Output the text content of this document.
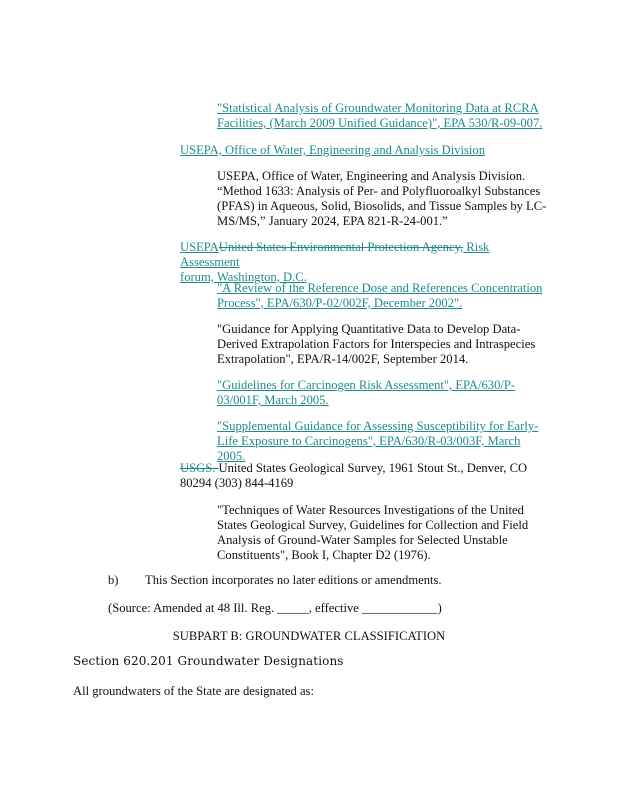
"Statistical Analysis of Groundwater Monitoring Data at RCRA
Facilities, (March 2009 Unified Guidance)", EPA 530/R-09-007.
USEPA, Office of Water, Engineering and Analysis Division
USEPA, Office of Water, Engineering and Analysis Division.
“Method 1633: Analysis of Per- and Polyfluoroalkyl Substances
(PFAS) in Aqueous, Solid, Biosolids, and Tissue Samples by LC-
MS/MS,” January 2024, EPA 821-R-24-001.”
USEPAUnited States Environmental Protection Agency, Risk Assessment
forum, Washington, D.C.
"A Review of the Reference Dose and References Concentration
Process", EPA/630/P-02/002F, December 2002".
"Guidance for Applying Quantitative Data to Develop Data-
Derived Extrapolation Factors for Interspecies and Intraspecies
Extrapolation", EPA/R-14/002F, September 2014.
"Guidelines for Carcinogen Risk Assessment", EPA/630/P-
03/001F, March 2005.
"Supplemental Guidance for Assessing Susceptibility for Early-
Life Exposure to Carcinogens", EPA/630/R-03/003F, March 2005.
USGS. United States Geological Survey, 1961 Stout St., Denver, CO
80294 (303) 844-4169
"Techniques of Water Resources Investigations of the United
States Geological Survey, Guidelines for Collection and Field
Analysis of Ground-Water Samples for Selected Unstable
Constituents", Book I, Chapter D2 (1976).
b) This Section incorporates no later editions or amendments.
(Source: Amended at 48 Ill. Reg. _____, effective ____________)
SUBPART B: GROUNDWATER CLASSIFICATION
Section 620.201 Groundwater Designations
All groundwaters of the State are designated as:
